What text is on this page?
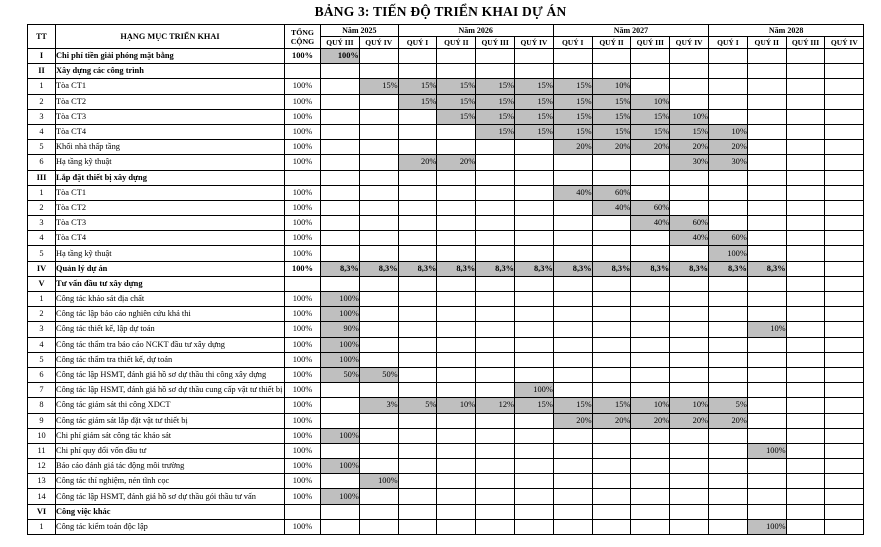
BẢNG 3: TIẾN ĐỘ TRIỂN KHAI DỰ ÁN
TT	HẠNG MỤC TRIỂN KHAI	TỔNG CỘNG	Năm 2025		Năm 2026				Năm 2027				Năm 2028			
			QUÝ III	QUÝ IV	QUÝ I	QUÝ II	QUÝ III	QUÝ IV	QUÝ I	QUÝ II	QUÝ III	QUÝ IV	QUÝ I	QUÝ II	QUÝ III	QUÝ IV
I	Chi phí tiền giải phóng mặt bằng	100%	100%													
II	Xây dựng các công trình															
1	Tòa CT1	100%		15%	15%	15%	15%	15%	15%	10%						
2	Tòa CT2	100%			15%	15%	15%	15%	15%	15%	10%					
3	Tòa CT3	100%				15%	15%	15%	15%	15%	15%	10%				
4	Tòa CT4	100%					15%	15%	15%	15%	15%	15%	10%			
5	Khối nhà thấp tầng	100%							20%	20%	20%	20%	20%			
6	Hạ tầng kỹ thuật	100%			20%	20%						30%	30%			
III	Lắp đặt thiết bị xây dựng															
1	Tòa CT1	100%							40%	60%						
2	Tòa CT2	100%								40%	60%					
3	Tòa CT3	100%									40%	60%				
4	Tòa CT4	100%										40%	60%			
5	Hạ tầng kỹ thuật	100%											100%			
IV	Quản lý dự án	100%	8,3%	8,3%	8,3%	8,3%	8,3%	8,3%	8,3%	8,3%	8,3%	8,3%	8,3%	8,3%		
V	Tư vấn đầu tư xây dựng															
1	Công tác khảo sát địa chất	100%	100%													
2	Công tác lập báo cáo nghiên cứu khả thi	100%	100%													
3	Công tác thiết kế, lập dự toán	100%	90%											10%		
4	Công tác thẩm tra báo cáo NCKT đầu tư xây dựng	100%	100%													
5	Công tác thẩm tra thiết kế, dự toán	100%	100%													
6	Công tác lập HSMT, đánh giá hồ sơ dự thầu thi công xây dựng	100%	50%	50%												
7	Công tác lập HSMT, đánh giá hồ sơ dự thầu cung cấp vật tư thiết bị	100%						100%								
8	Công tác giám sát thi công XDCT	100%		3%	5%	10%	12%	15%	15%	15%	10%	10%	5%			
9	Công tác giám sát lắp đặt vật tư thiết bị	100%							20%	20%	20%	20%	20%			
10	Chi phí giám sát công tác khảo sát	100%	100%													
11	Chi phí quy đổi vốn đầu tư	100%												100%		
12	Báo cáo đánh giá tác động môi trường	100%	100%													
13	Công tác thí nghiệm, nén tĩnh cọc	100%		100%												
14	Công tác lập HSMT, đánh giá hồ sơ dự thầu gói thầu tư vấn	100%	100%													
VI	Công việc khác															
1	Công tác kiểm toán độc lập	100%												100%		
